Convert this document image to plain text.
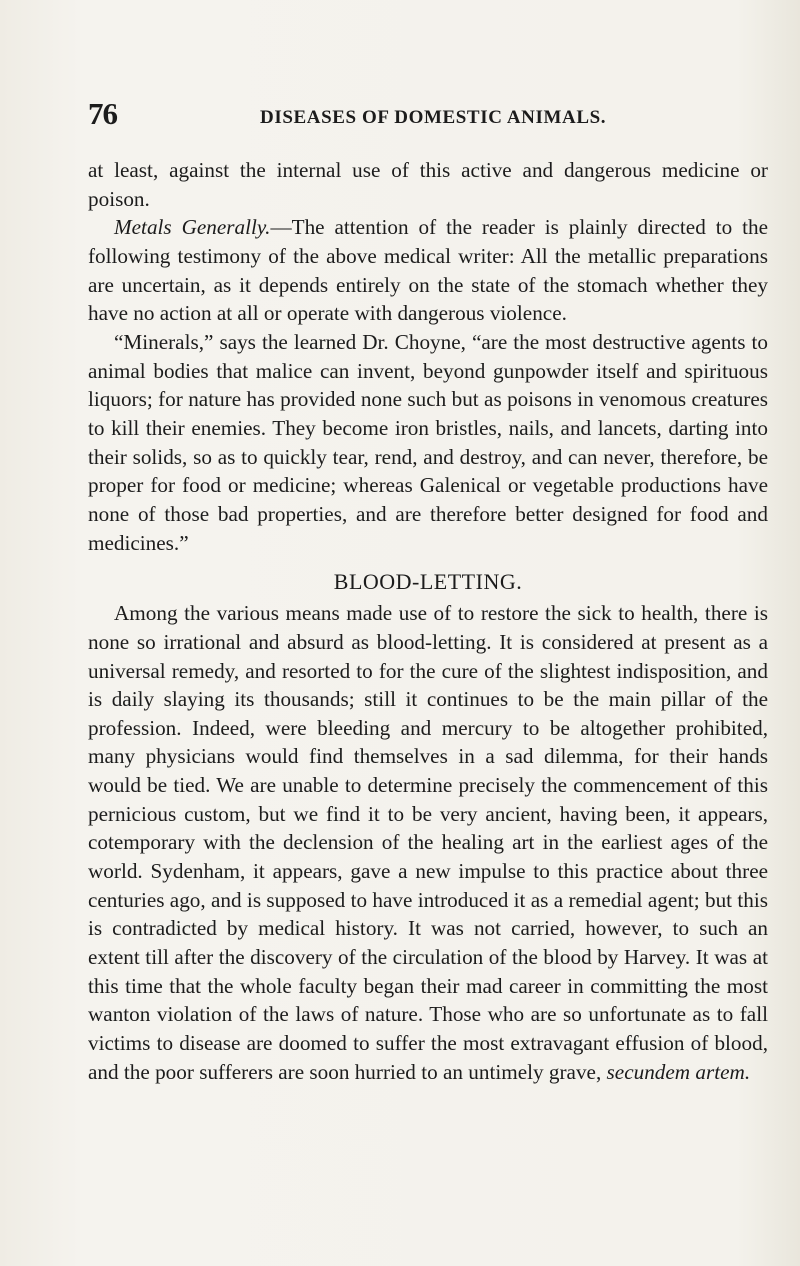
76	DISEASES OF DOMESTIC ANIMALS.

at least, against the internal use of this active and dangerous medicine or poison.

Metals Generally.—The attention of the reader is plainly directed to the following testimony of the above medical writer: All the metallic preparations are uncertain, as it depends entirely on the state of the stomach whether they have no action at all or operate with dangerous violence.

“Minerals,” says the learned Dr. Choyne, “are the most destructive agents to animal bodies that malice can invent, beyond gunpowder itself and spirituous liquors; for nature has provided none such but as poisons in venomous creatures to kill their enemies. They become iron bristles, nails, and lancets, darting into their solids, so as to quickly tear, rend, and destroy, and can never, therefore, be proper for food or medicine; whereas Galenical or vegetable productions have none of those bad properties, and are therefore better designed for food and medicines.”

BLOOD-LETTING.

Among the various means made use of to restore the sick to health, there is none so irrational and absurd as blood-letting. It is considered at present as a universal remedy, and resorted to for the cure of the slightest indisposition, and is daily slaying its thousands; still it continues to be the main pillar of the profession. Indeed, were bleeding and mercury to be altogether prohibited, many physicians would find themselves in a sad dilemma, for their hands would be tied. We are unable to determine precisely the commencement of this pernicious custom, but we find it to be very ancient, having been, it appears, cotemporary with the declension of the healing art in the earliest ages of the world. Sydenham, it appears, gave a new impulse to this practice about three centuries ago, and is supposed to have introduced it as a remedial agent; but this is contradicted by medical history. It was not carried, however, to such an extent till after the discovery of the circulation of the blood by Harvey. It was at this time that the whole faculty began their mad career in committing the most wanton violation of the laws of nature. Those who are so unfortunate as to fall victims to disease are doomed to suffer the most extravagant effusion of blood, and the poor sufferers are soon hurried to an untimely grave, secundem artem.
